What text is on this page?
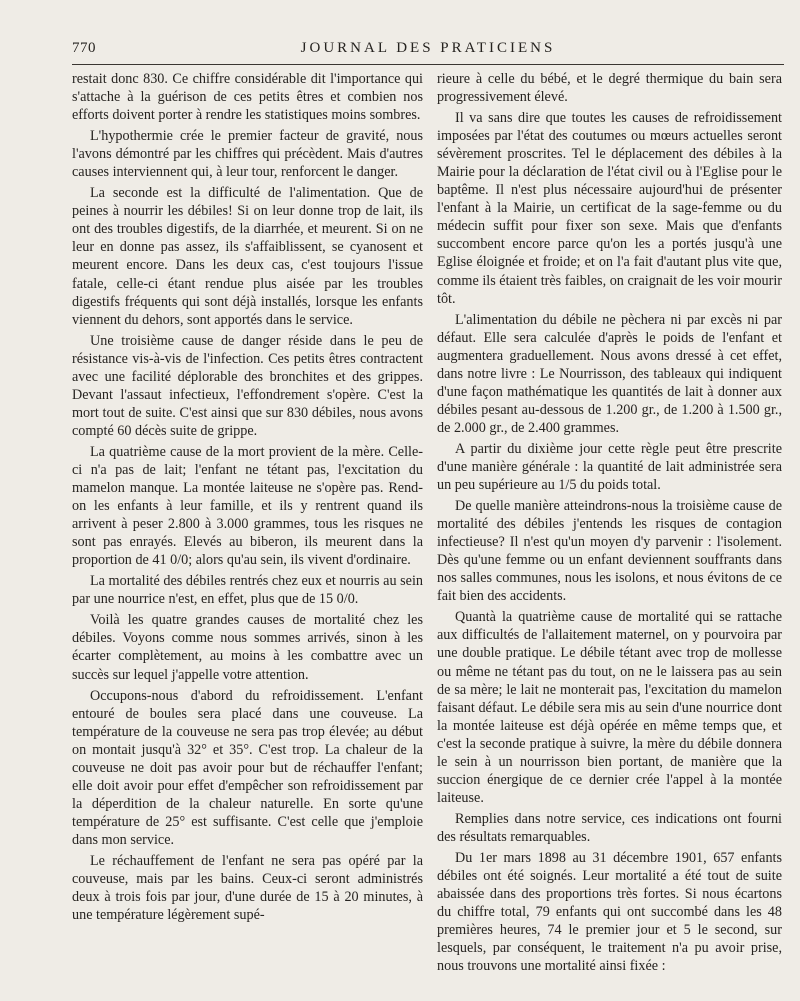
770	JOURNAL DES PRATICIENS

restait donc 830. Ce chiffre considérable dit l'importance qui s'attache à la guérison de ces petits êtres et combien nos efforts doivent porter à rendre les statistiques moins sombres.

L'hypothermie crée le premier facteur de gravité, nous l'avons démontré par les chiffres qui précèdent. Mais d'autres causes interviennent qui, à leur tour, renforcent le danger.

La seconde est la difficulté de l'alimentation. Que de peines à nourrir les débiles! Si on leur donne trop de lait, ils ont des troubles digestifs, de la diarrhée, et meurent. Si on ne leur en donne pas assez, ils s'affaiblissent, se cyanosent et meurent encore. Dans les deux cas, c'est toujours l'issue fatale, celle-ci étant rendue plus aisée par les troubles digestifs fréquents qui sont déjà installés, lorsque les enfants viennent du dehors, sont apportés dans le service.

Une troisième cause de danger réside dans le peu de résistance vis-à-vis de l'infection. Ces petits êtres contractent avec une facilité déplorable des bronchites et des grippes. Devant l'assaut infectieux, l'effondrement s'opère. C'est la mort tout de suite. C'est ainsi que sur 830 débiles, nous avons compté 60 décès suite de grippe.

La quatrième cause de la mort provient de la mère. Celle-ci n'a pas de lait; l'enfant ne tétant pas, l'excitation du mamelon manque. La montée laiteuse ne s'opère pas. Rend-on les enfants à leur famille, et ils y rentrent quand ils arrivent à peser 2.800 à 3.000 grammes, tous les risques ne sont pas enrayés. Elevés au biberon, ils meurent dans la proportion de 41 0/0; alors qu'au sein, ils vivent d'ordinaire.

La mortalité des débiles rentrés chez eux et nourris au sein par une nourrice n'est, en effet, plus que de 15 0/0.

Voilà les quatre grandes causes de mortalité chez les débiles. Voyons comme nous sommes arrivés, sinon à les écarter complètement, au moins à les combattre avec un succès sur lequel j'appelle votre attention.

Occupons-nous d'abord du refroidissement. L'enfant entouré de boules sera placé dans une couveuse. La température de la couveuse ne sera pas trop élevée; au début on montait jusqu'à 32° et 35°. C'est trop. La chaleur de la couveuse ne doit pas avoir pour but de réchauffer l'enfant; elle doit avoir pour effet d'empêcher son refroidissement par la déperdition de la chaleur naturelle. En sorte qu'une température de 25° est suffisante. C'est celle que j'emploie dans mon service.

Le réchauffement de l'enfant ne sera pas opéré par la couveuse, mais par les bains. Ceux-ci seront administrés deux à trois fois par jour, d'une durée de 15 à 20 minutes, à une température légèrement supé-

rieure à celle du bébé, et le degré thermique du bain sera progressivement élevé.

Il va sans dire que toutes les causes de refroidissement imposées par l'état des coutumes ou mœurs actuelles seront sévèrement proscrites. Tel le déplacement des débiles à la Mairie pour la déclaration de l'état civil ou à l'Eglise pour le baptême. Il n'est plus nécessaire aujourd'hui de présenter l'enfant à la Mairie, un certificat de la sage-femme ou du médecin suffit pour fixer son sexe. Mais que d'enfants succombent encore parce qu'on les a portés jusqu'à une Eglise éloignée et froide; et on l'a fait d'autant plus vite que, comme ils étaient très faibles, on craignait de les voir mourir tôt.

L'alimentation du débile ne pèchera ni par excès ni par défaut. Elle sera calculée d'après le poids de l'enfant et augmentera graduellement. Nous avons dressé à cet effet, dans notre livre : Le Nourrisson, des tableaux qui indiquent d'une façon mathématique les quantités de lait à donner aux débiles pesant au-dessous de 1.200 gr., de 1.200 à 1.500 gr., de 2.000 gr., de 2.400 grammes.

A partir du dixième jour cette règle peut être prescrite d'une manière générale : la quantité de lait administrée sera un peu supérieure au 1/5 du poids total.

De quelle manière atteindrons-nous la troisième cause de mortalité des débiles j'entends les risques de contagion infectieuse? Il n'est qu'un moyen d'y parvenir : l'isolement. Dès qu'une femme ou un enfant deviennent souffrants dans nos salles communes, nous les isolons, et nous évitons de ce fait bien des accidents.

Quantà la quatrième cause de mortalité qui se rattache aux difficultés de l'allaitement maternel, on y pourvoira par une double pratique. Le débile tétant avec trop de mollesse ou même ne tétant pas du tout, on ne le laissera pas au sein de sa mère; le lait ne monterait pas, l'excitation du mamelon faisant défaut. Le débile sera mis au sein d'une nourrice dont la montée laiteuse est déjà opérée en même temps que, et c'est la seconde pratique à suivre, la mère du débile donnera le sein à un nourrisson bien portant, de manière que la succion énergique de ce dernier crée l'appel à la montée laiteuse.

Remplies dans notre service, ces indications ont fourni des résultats remarquables.

Du 1er mars 1898 au 31 décembre 1901, 657 enfants débiles ont été soignés. Leur mortalité a été tout de suite abaissée dans des proportions très fortes. Si nous écartons du chiffre total, 79 enfants qui ont succombé dans les 48 premières heures, 74 le premier jour et 5 le second, sur lesquels, par conséquent, le traitement n'a pu avoir prise, nous trouvons une mortalité ainsi fixée :
